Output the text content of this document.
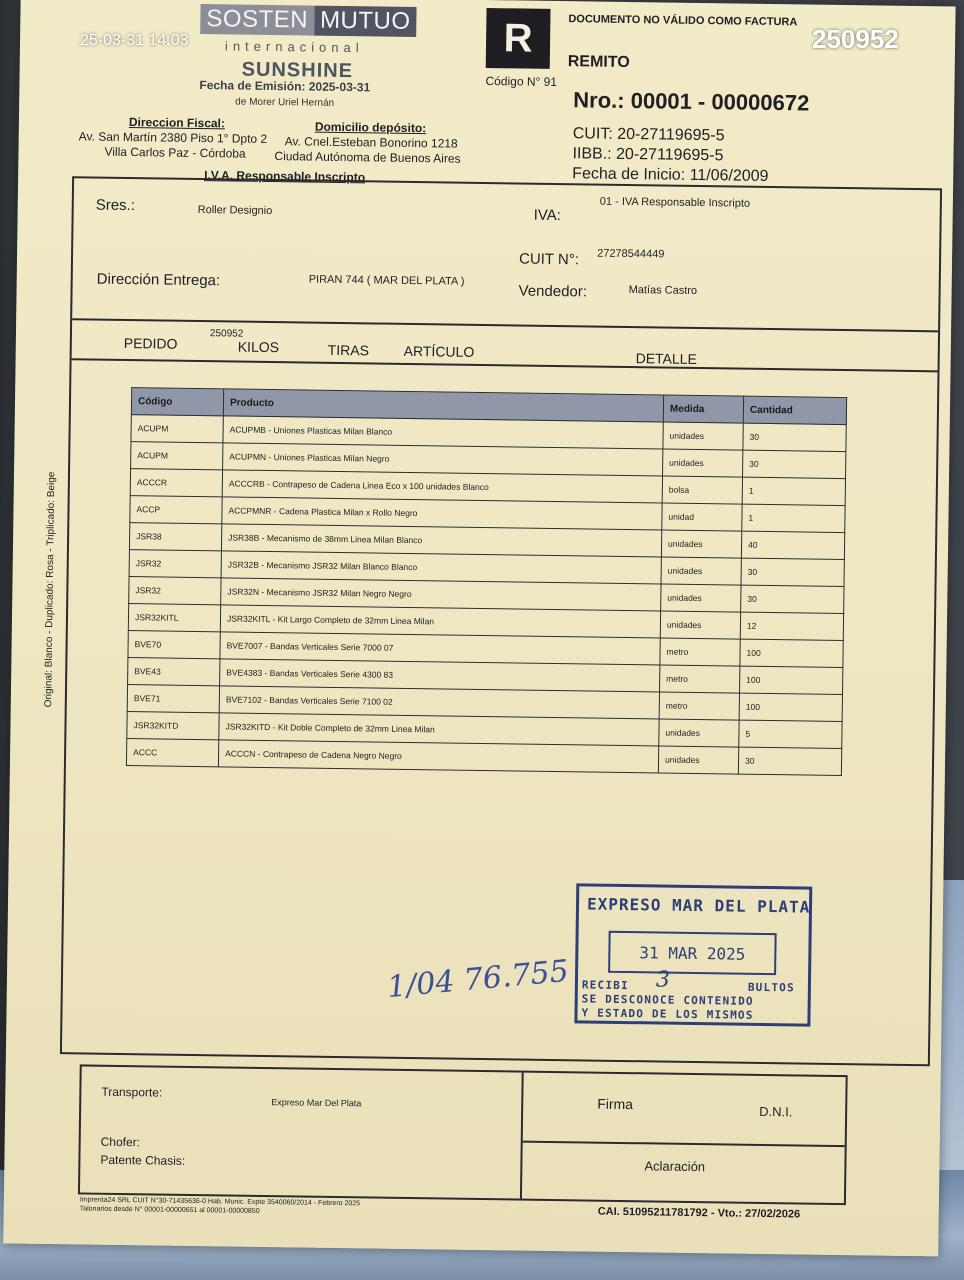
SOSTEN MUTUO
internacional
SUNSHINE
Fecha de Emisión: 2025-03-31
de Morer Uriel Hernán
Direccion Fiscal:
Av. San Martín 2380 Piso 1° Dpto 2
Villa Carlos Paz - Córdoba
Domicilio depósito:
Av. Cnel.Esteban Bonorino 1218
Ciudad Autónoma de Buenos Aires
I.V.A. Responsable Inscripto
R
Código N° 91
DOCUMENTO NO VÁLIDO COMO FACTURA
REMITO
Nro.: 00001 - 00000672
CUIT: 20-27119695-5
IIBB.: 20-27119695-5
Fecha de Inicio: 11/06/2009
Sres.:	Roller Designio	IVA:
01 - IVA Responsable Inscripto
CUIT N°: 27278544449
Dirección Entrega:	PIRAN 744 ( MAR DEL PLATA )
Vendedor:	Matías Castro
PEDIDO
250952
KILOS	TIRAS ARTÍCULO	DETALLE
Original: Blanco - Duplicado: Rosa - Triplicado: Beige
Código	Producto	Medida	Cantidad
ACUPM	ACUPMB - Uniones Plasticas Milan Blanco	unidades	30
ACUPM	ACUPMN - Uniones Plasticas Milan Negro	unidades	30
ACCCR	ACCCRB - Contrapeso de Cadena Linea Eco x 100 unidades Blanco	bolsa	1
ACCP	ACCPMNR - Cadena Plastica Milan x Rollo Negro	unidad	1
JSR38	JSR38B - Mecanismo de 38mm Linea Milan Blanco	unidades	40
JSR32	JSR32B - Mecanismo JSR32 Milan Blanco Blanco	unidades	30
JSR32	JSR32N - Mecanismo JSR32 Milan Negro Negro	unidades	30
JSR32KITL	JSR32KITL - Kit Largo Completo de 32mm Linea Milan	unidades	12
BVE70	BVE7007 - Bandas Verticales Serie 7000 07	metro	100
BVE43	BVE4383 - Bandas Verticales Serie 4300 83	metro	100
BVE71	BVE7102 - Bandas Verticales Serie 7100 02	metro	100
JSR32KITD	JSR32KITD - Kit Doble Completo de 32mm Linea Milan	unidades	5
ACCC	ACCCN - Contrapeso de Cadena Negro Negro	unidades	30
1/04 76.755
EXPRESO MAR DEL PLATA
31 MAR 2025
RECIBI 3	BULTOS
SE DESCONOCE CONTENIDO
Y ESTADO DE LOS MISMOS
Transporte:
Expreso Mar Del Plata
Chofer:
Patente Chasis:
Firma	D.N.I.
Aclaración
Imprenta24 SRL CUIT N°30-71435636-0 Hab. Munic. Expte 3540060/2014 - Febrero 2025
Talonarios desde N° 00001-00000651 al 00001-00000850	CAI. 51095211781792 - Vto.: 27/02/2026
25-03-31 14:03	250952
